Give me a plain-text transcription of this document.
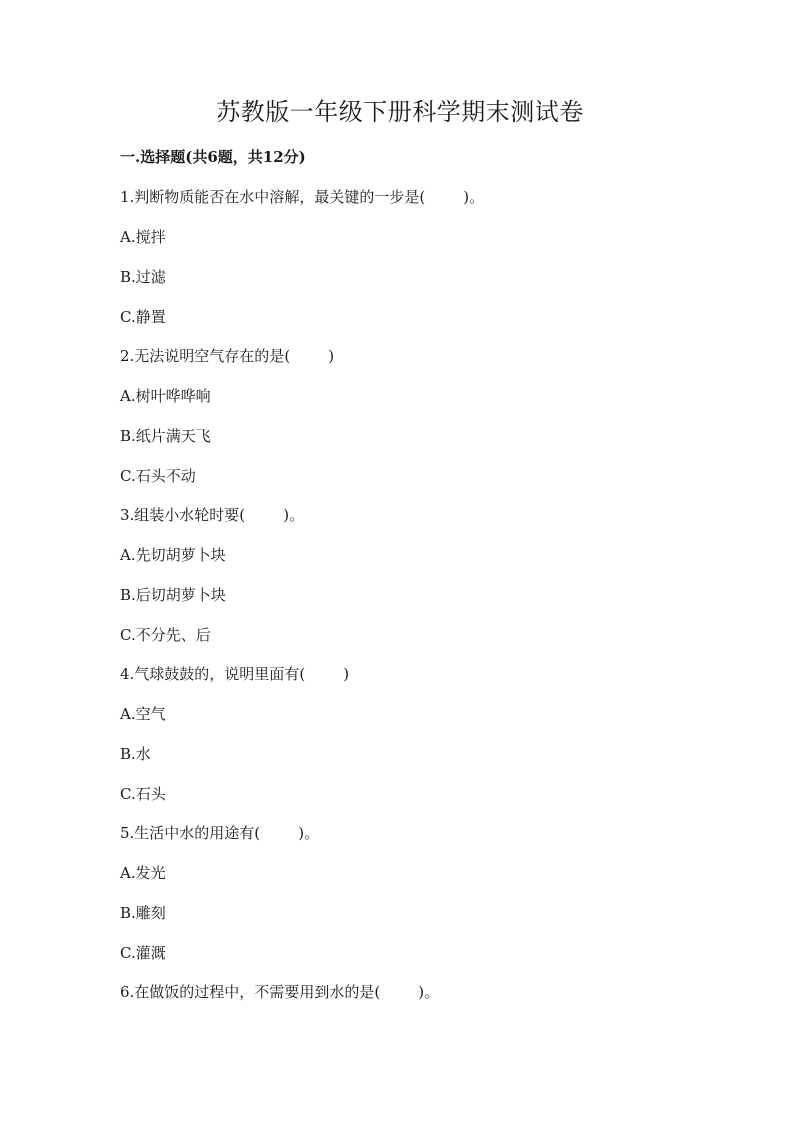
苏教版一年级下册科学期末测试卷
一.选择题(共6题，共12分)
1.判断物质能否在水中溶解，最关键的一步是(        )。
A.搅拌
B.过滤
C.静置
2.无法说明空气存在的是(        )
A.树叶哗哗响
B.纸片满天飞
C.石头不动
3.组装小水轮时要(        )。
A.先切胡萝卜块
B.后切胡萝卜块
C.不分先、后
4.气球鼓鼓的，说明里面有(        )
A.空气
B.水
C.石头
5.生活中水的用途有(        )。
A.发光
B.雕刻
C.灌溉
6.在做饭的过程中，不需要用到水的是(        )。
